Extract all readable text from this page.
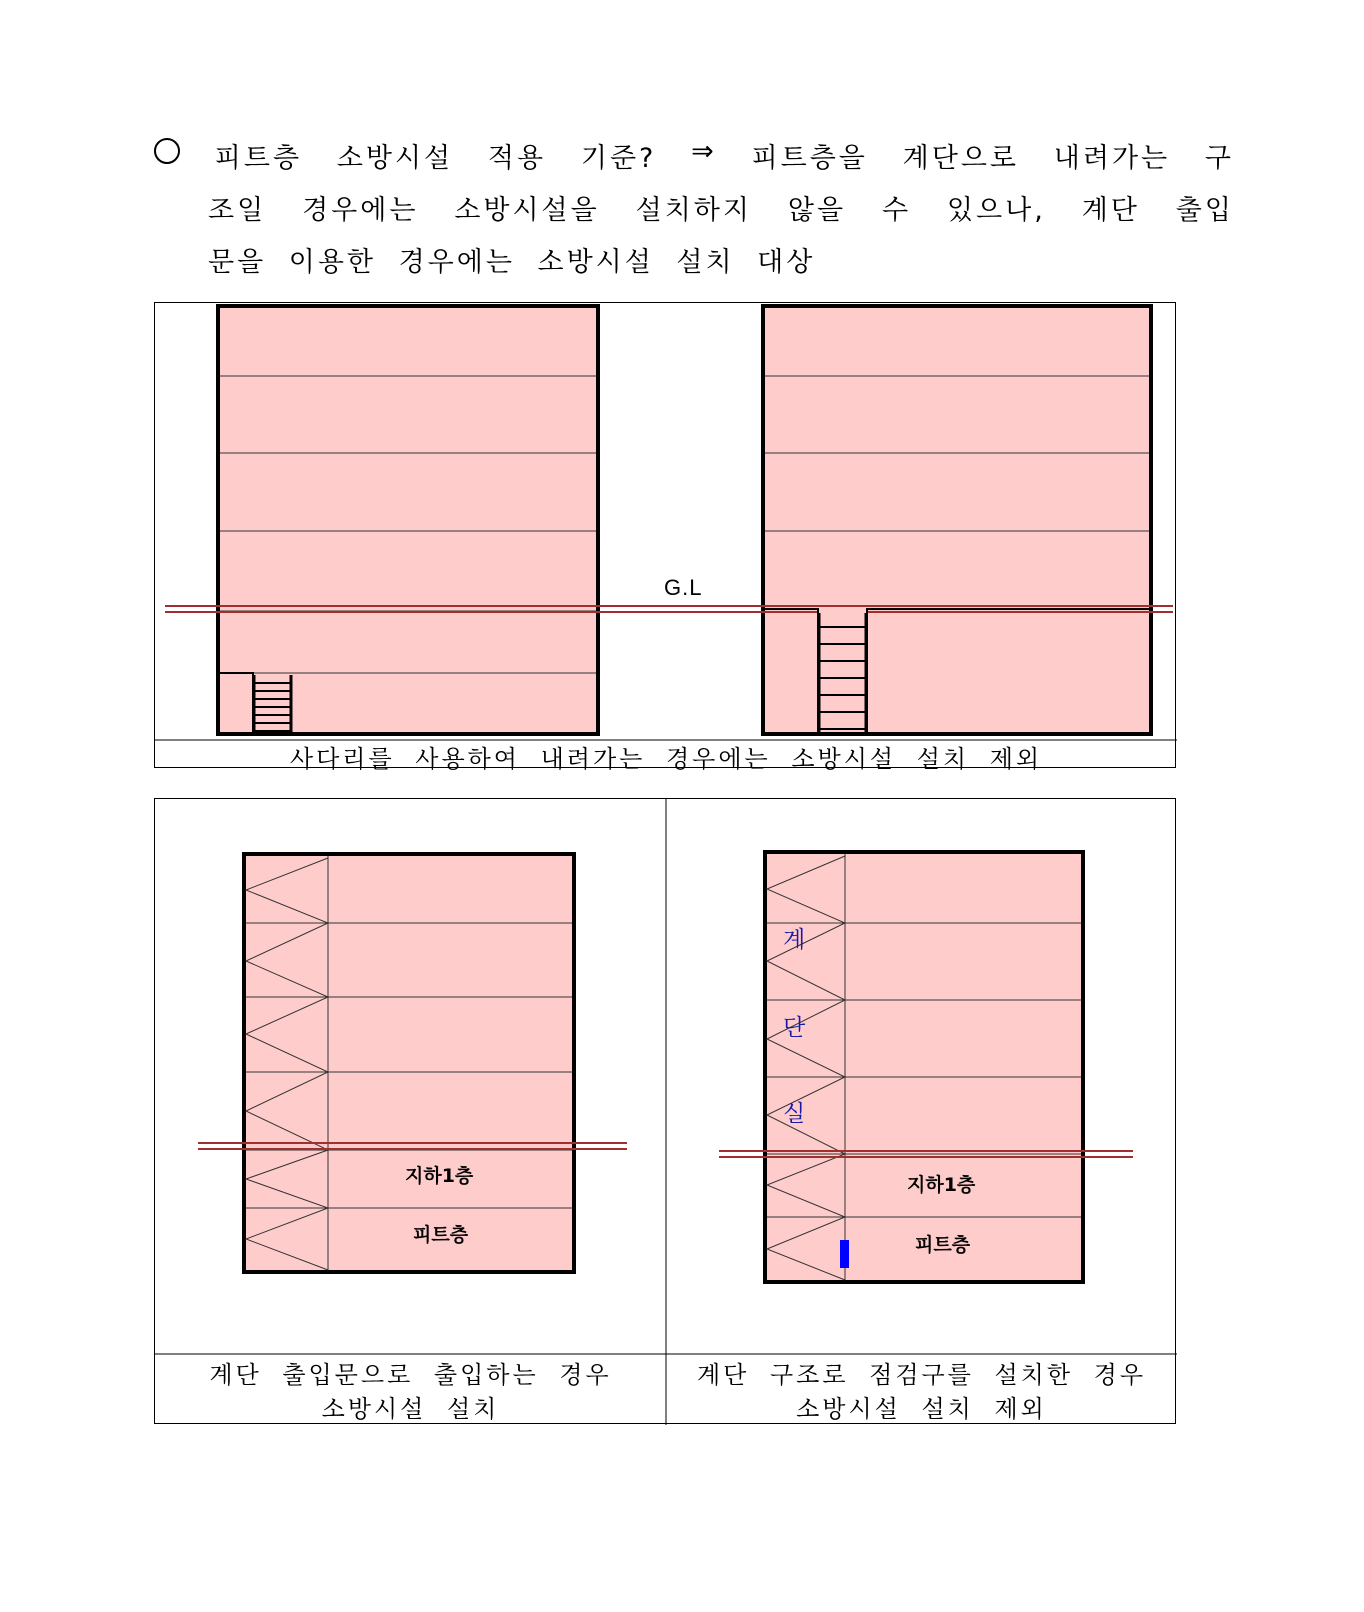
피트층 소방시설 적용 기준? ⇒ 피트층을 계단으로 내려가는 구
조일 경우에는 소방시설을 설치하지 않을 수 있으나, 계단 출입
문을 이용한 경우에는 소방시설 설치 대상
G.L
사다리를 사용하여 내려가는 경우에는 소방시설 설치 제외
지하1층
피트층
계
단
실
지하1층
피트층
계단 출입문으로 출입하는 경우
소방시설 설치
계단 구조로 점검구를 설치한 경우
소방시설 설치 제외
